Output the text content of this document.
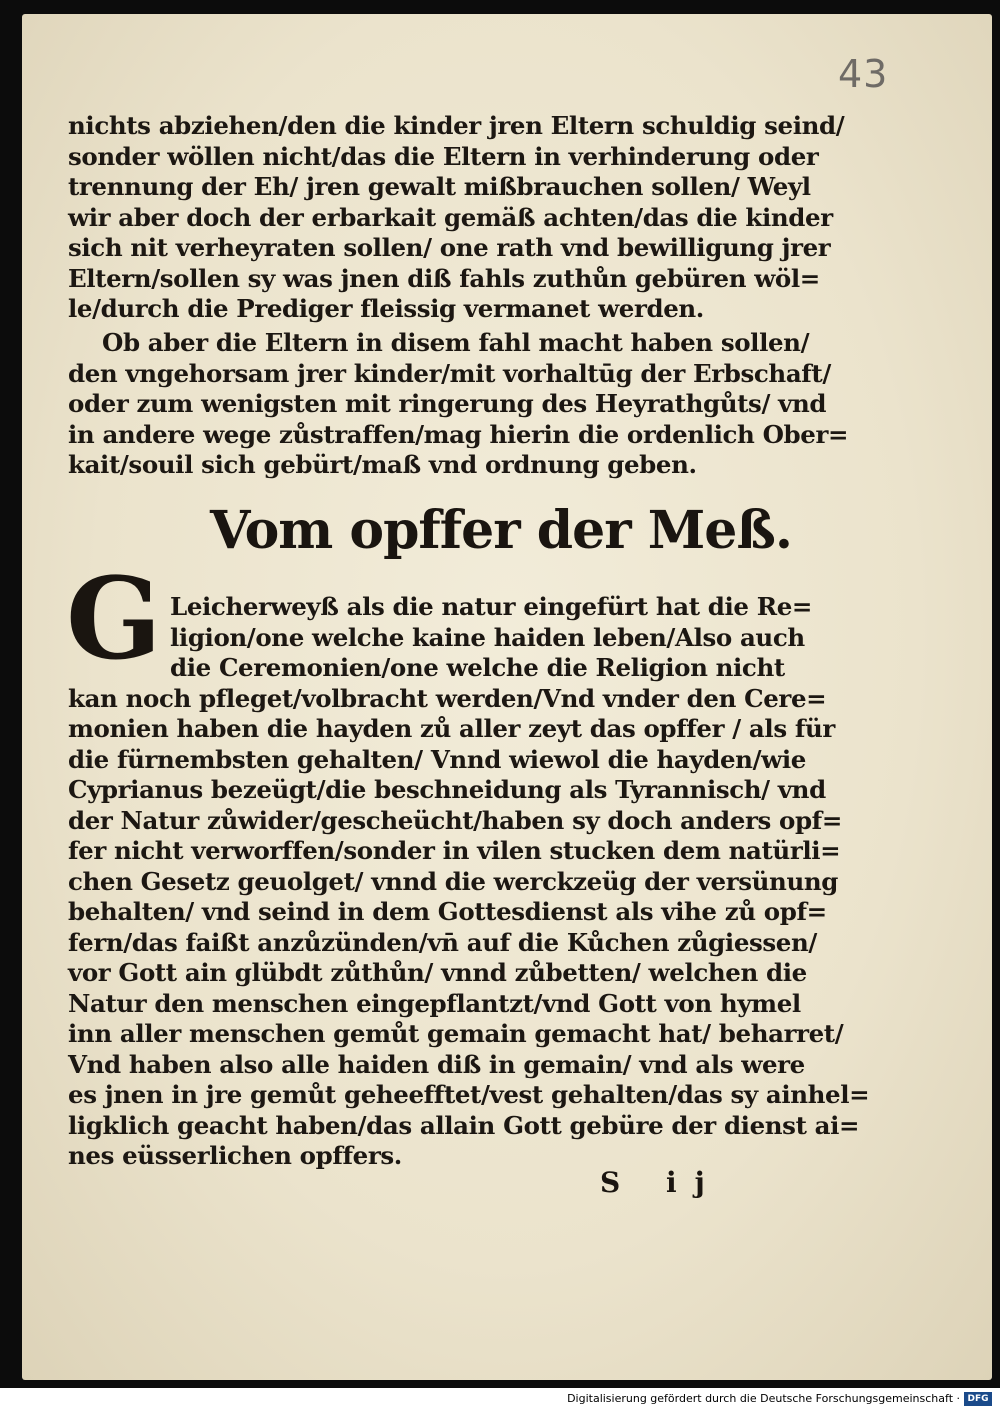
43
nichts abziehen/den die kinder jren Eltern schuldig seind/
sonder wöllen nicht/das die Eltern in verhinderung oder
trennung der Eh/ jren gewalt mißbrauchen sollen/ Weyl
wir aber doch der erbarkait gemäß achten/das die kinder
sich nit verheyraten sollen/ one rath vnd bewilligung jrer
Eltern/sollen sy was jnen diß fahls zuthůn gebüren wöl=
le/durch die Prediger fleissig vermanet werden.
Ob aber die Eltern in disem fahl macht haben sollen/
den vngehorsam jrer kinder/mit vorhaltūg der Erbschaft/
oder zum wenigsten mit ringerung des Heyrathgůts/ vnd
in andere wege zůstraffen/mag hierin die ordenlich Ober=
kait/souil sich gebürt/maß vnd ordnung geben.
Vom opffer der Meß.
G Leicherweyß als die natur eingefürt hat die Re=
ligion/one welche kaine haiden leben/Also auch
die Ceremonien/one welche die Religion nicht
kan noch pfleget/volbracht werden/Vnd vnder den Cere=
monien haben die hayden zů aller zeyt das opffer / als für
die fürnembsten gehalten/ Vnnd wiewol die hayden/wie
Cyprianus bezeügt/die beschneidung als Tyrannisch/ vnd
der Natur zůwider/gescheücht/haben sy doch anders opf=
fer nicht verworffen/sonder in vilen stucken dem natürli=
chen Gesetz geuolget/ vnnd die werckzeüg der versünung
behalten/ vnd seind in dem Gottesdienst als vihe zů opf=
fern/das faißt anzůzünden/vn̄ auf die Kůchen zůgiessen/
vor Gott ain glübdt zůthůn/ vnnd zůbetten/ welchen die
Natur den menschen eingepflantzt/vnd Gott von hymel
inn aller menschen gemůt gemain gemacht hat/ beharret/
Vnd haben also alle haiden diß in gemain/ vnd als were
es jnen in jre gemůt geheefftet/vest gehalten/das sy ainhel=
ligklich geacht haben/das allain Gott gebüre der dienst ai=
nes eüsserlichen opffers.
S ij
Digitalisierung gefördert durch die Deutsche Forschungsgemeinschaft · DFG
